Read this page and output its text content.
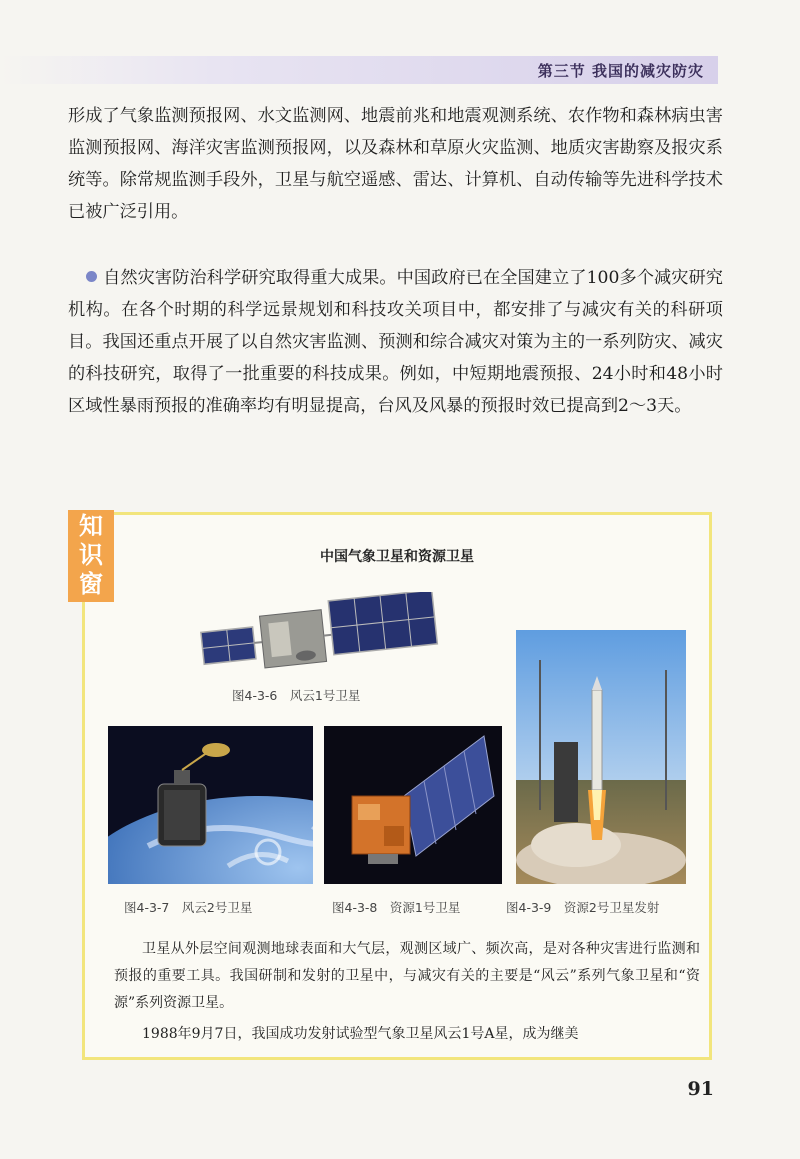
第三节 我国的减灾防灾

形成了气象监测预报网、水文监测网、地震前兆和地震观测系统、农作物和森林病虫害监测预报网、海洋灾害监测预报网，以及森林和草原火灾监测、地质灾害勘察及报灾系统等。除常规监测手段外，卫星与航空遥感、雷达、计算机、自动传输等先进科学技术已被广泛引用。

自然灾害防治科学研究取得重大成果。中国政府已在全国建立了100多个减灾研究机构。在各个时期的科学远景规划和科技攻关项目中，都安排了与减灾有关的科研项目。我国还重点开展了以自然灾害监测、预测和综合减灾对策为主的一系列防灾、减灾的科技研究，取得了一批重要的科技成果。例如，中短期地震预报、24小时和48小时区域性暴雨预报的准确率均有明显提高，台风及风暴的预报时效已提高到2～3天。

知识窗
中国气象卫星和资源卫星
图4-3-6　风云1号卫星
图4-3-7　风云2号卫星	图4-3-8　资源1号卫星	图4-3-9　资源2号卫星发射

卫星从外层空间观测地球表面和大气层，观测区域广、频次高，是对各种灾害进行监测和预报的重要工具。我国研制和发射的卫星中，与减灾有关的主要是“风云”系列气象卫星和“资源”系列资源卫星。

1988年9月7日，我国成功发射试验型气象卫星风云1号A星，成为继美

91
